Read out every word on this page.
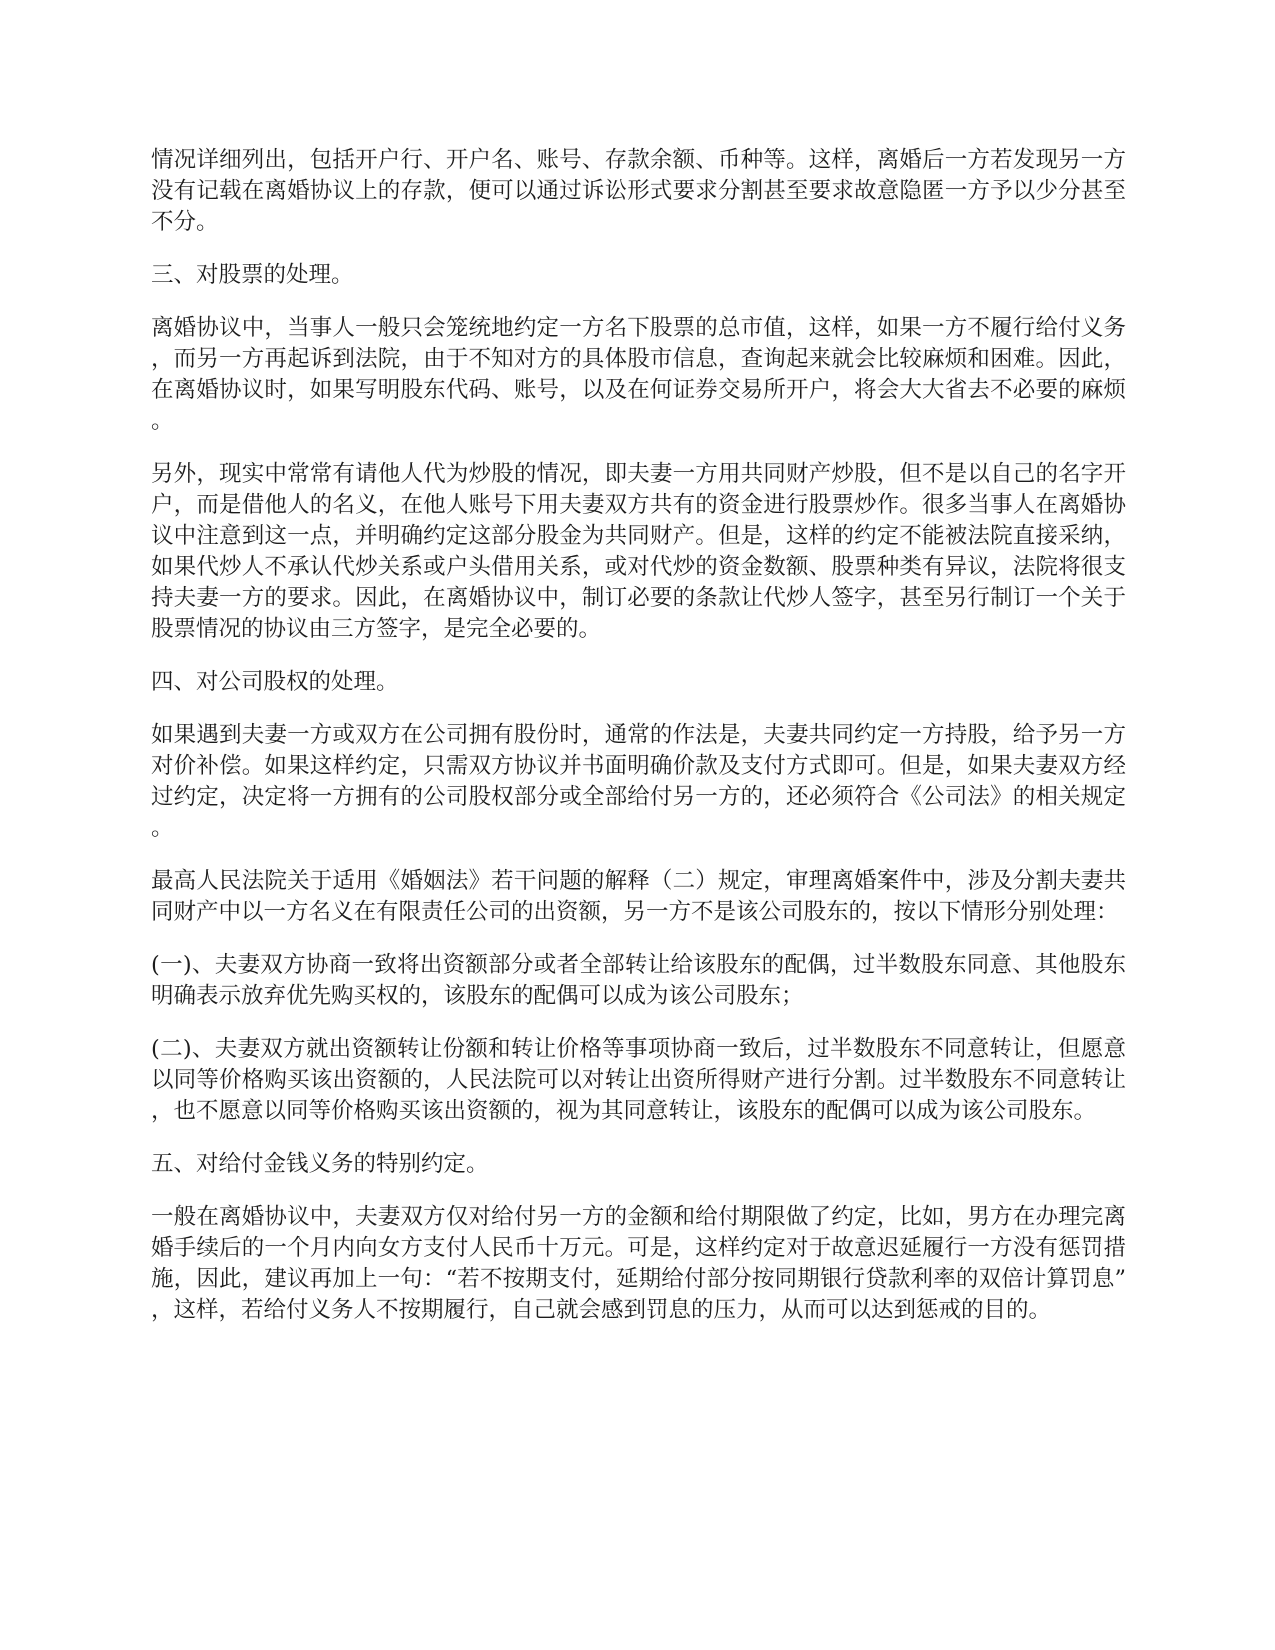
情况详细列出，包括开户行、开户名、账号、存款余额、币种等。这样，离婚后一方若发现另一方没有记载在离婚协议上的存款，便可以通过诉讼形式要求分割甚至要求故意隐匿一方予以少分甚至不分。

三、对股票的处理。

离婚协议中，当事人一般只会笼统地约定一方名下股票的总市值，这样，如果一方不履行给付义务，而另一方再起诉到法院，由于不知对方的具体股市信息，查询起来就会比较麻烦和困难。因此，在离婚协议时，如果写明股东代码、账号，以及在何证券交易所开户，将会大大省去不必要的麻烦。

另外，现实中常常有请他人代为炒股的情况，即夫妻一方用共同财产炒股，但不是以自己的名字开户，而是借他人的名义，在他人账号下用夫妻双方共有的资金进行股票炒作。很多当事人在离婚协议中注意到这一点，并明确约定这部分股金为共同财产。但是，这样的约定不能被法院直接采纳，如果代炒人不承认代炒关系或户头借用关系，或对代炒的资金数额、股票种类有异议，法院将很支持夫妻一方的要求。因此，在离婚协议中，制订必要的条款让代炒人签字，甚至另行制订一个关于股票情况的协议由三方签字，是完全必要的。

四、对公司股权的处理。

如果遇到夫妻一方或双方在公司拥有股份时，通常的作法是，夫妻共同约定一方持股，给予另一方对价补偿。如果这样约定，只需双方协议并书面明确价款及支付方式即可。但是，如果夫妻双方经过约定，决定将一方拥有的公司股权部分或全部给付另一方的，还必须符合《公司法》的相关规定。

最高人民法院关于适用《婚姻法》若干问题的解释（二）规定，审理离婚案件中，涉及分割夫妻共同财产中以一方名义在有限责任公司的出资额，另一方不是该公司股东的，按以下情形分别处理：

(一)、夫妻双方协商一致将出资额部分或者全部转让给该股东的配偶，过半数股东同意、其他股东明确表示放弃优先购买权的，该股东的配偶可以成为该公司股东；

(二)、夫妻双方就出资额转让份额和转让价格等事项协商一致后，过半数股东不同意转让，但愿意以同等价格购买该出资额的，人民法院可以对转让出资所得财产进行分割。过半数股东不同意转让，也不愿意以同等价格购买该出资额的，视为其同意转让，该股东的配偶可以成为该公司股东。

五、对给付金钱义务的特别约定。

一般在离婚协议中，夫妻双方仅对给付另一方的金额和给付期限做了约定，比如，男方在办理完离婚手续后的一个月内向女方支付人民币十万元。可是，这样约定对于故意迟延履行一方没有惩罚措施，因此，建议再加上一句：“若不按期支付，延期给付部分按同期银行贷款利率的双倍计算罚息”，这样，若给付义务人不按期履行，自己就会感到罚息的压力，从而可以达到惩戒的目的。
